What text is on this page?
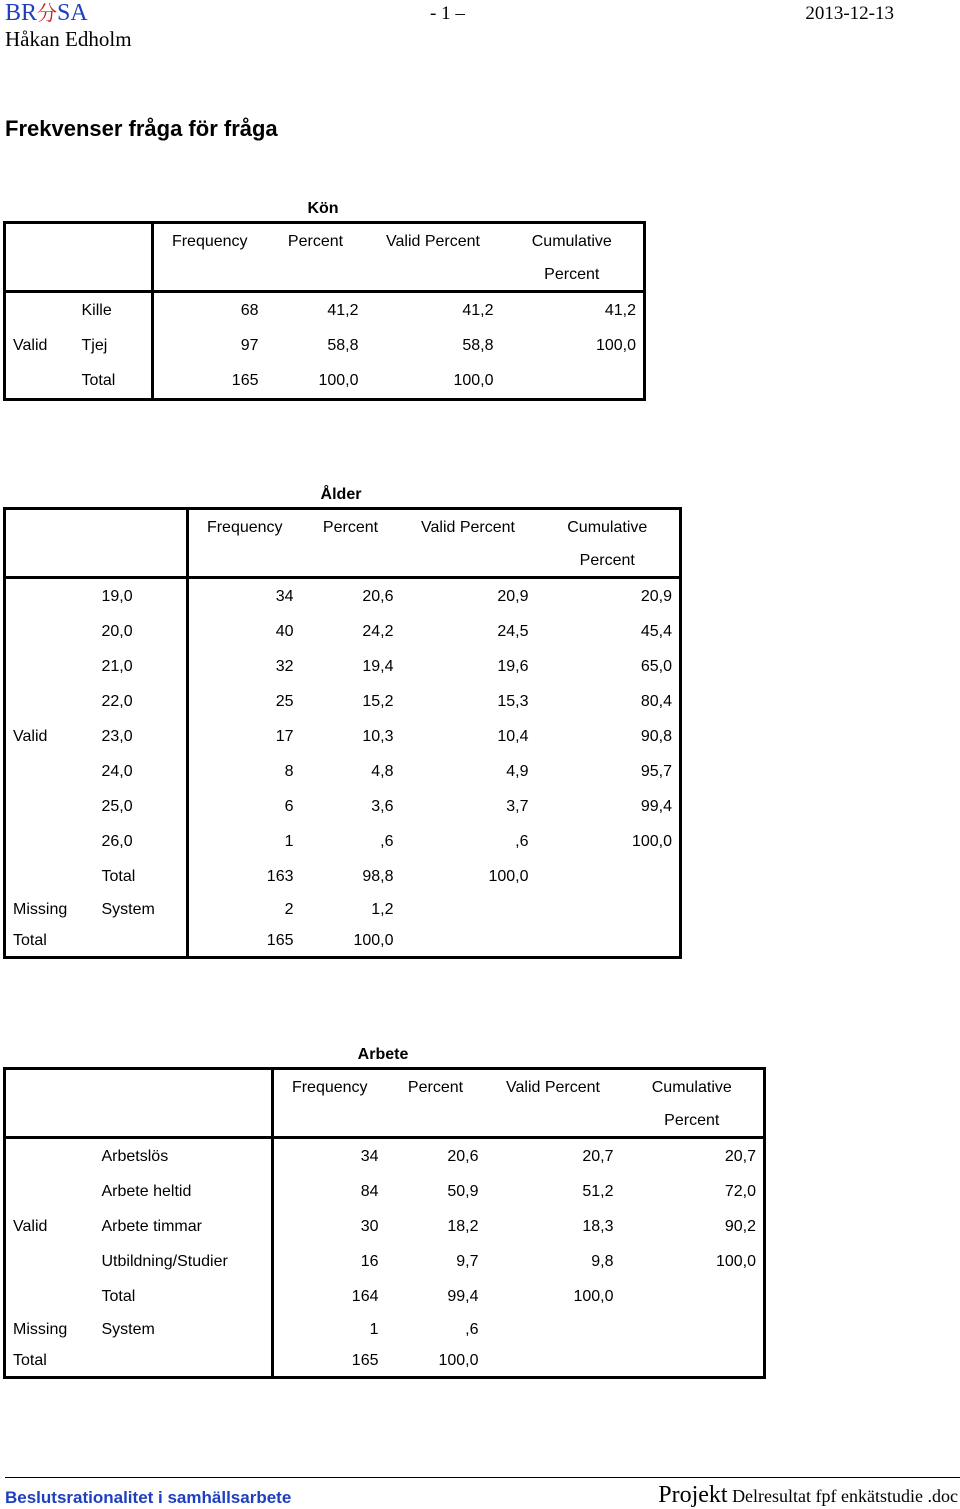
BR分SA	- 1 –	2013-12-13
Håkan Edholm
Frekvenser fråga för fråga
Kön
		Frequency	Percent	Valid Percent	Cumulative
					Percent
Valid	Kille	68	41,2	41,2	41,2
	Tjej	97	58,8	58,8	100,0
	Total	165	100,0	100,0	
Ålder
		Frequency	Percent	Valid Percent	Cumulative
					Percent
Valid	19,0	34	20,6	20,9	20,9
	20,0	40	24,2	24,5	45,4
	21,0	32	19,4	19,6	65,0
	22,0	25	15,2	15,3	80,4
	23,0	17	10,3	10,4	90,8
	24,0	8	4,8	4,9	95,7
	25,0	6	3,6	3,7	99,4
	26,0	1	,6	,6	100,0
	Total	163	98,8	100,0	
Missing	System	2	1,2		
Total		165	100,0		
Arbete
		Frequency	Percent	Valid Percent	Cumulative
					Percent
Valid	Arbetslös	34	20,6	20,7	20,7
	Arbete heltid	84	50,9	51,2	72,0
	Arbete timmar	30	18,2	18,3	90,2
	Utbildning/Studier	16	9,7	9,8	100,0
	Total	164	99,4	100,0	
Missing	System	1	,6		
Total		165	100,0		
Beslutsrationalitet i samhällsarbete	Projekt Delresultat fpf enkätstudie .doc
